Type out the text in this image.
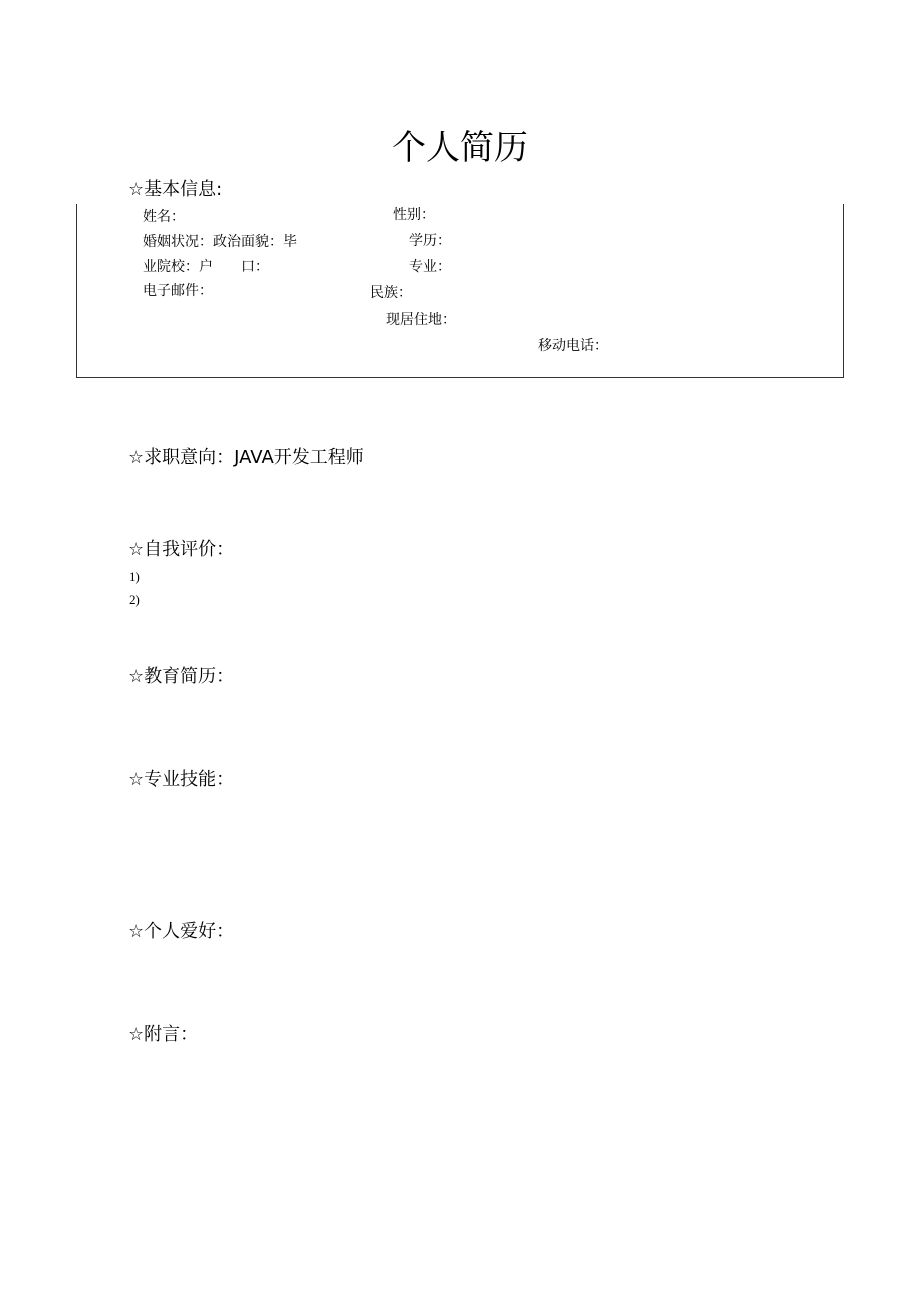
个人简历
☆基本信息:
姓名：	性别：
婚姻状况：政治面貌：毕	学历：
业院校：户　　口：	专业：
电子邮件：	民族：
现居住地：
移动电话：
☆求职意向：JAVA开发工程师
☆自我评价：
1)
2)
☆教育简历：
☆专业技能：
☆个人爱好：
☆附言：
